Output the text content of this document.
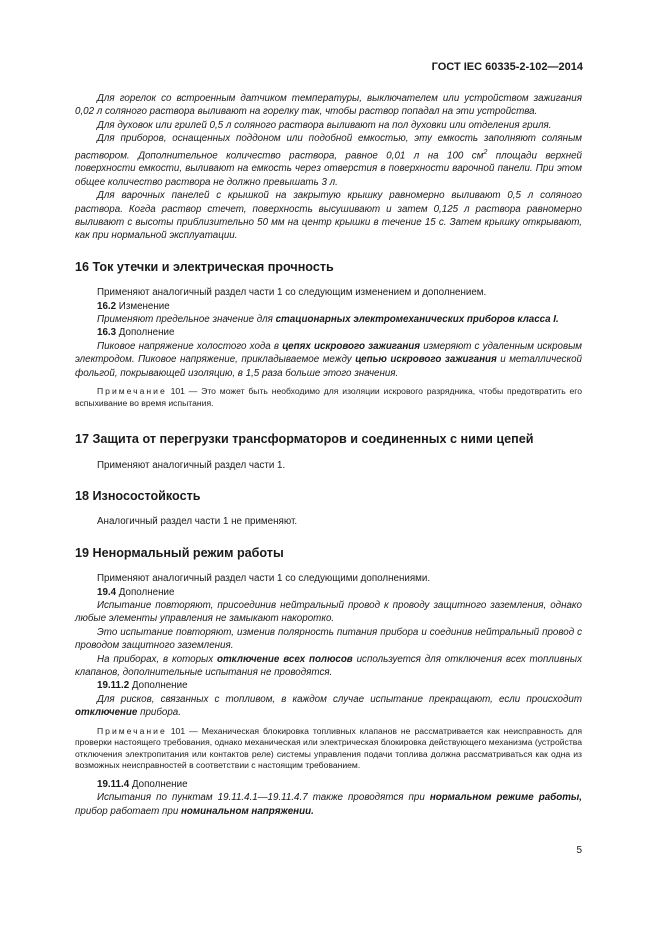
ГОСТ IEC 60335-2-102—2014

Для горелок со встроенным датчиком температуры, выключателем или устройством зажигания 0,02 л соляного раствора выливают на горелку так, чтобы раствор попадал на эти устройства.

Для духовок или грилей 0,5 л соляного раствора выливают на пол духовки или отделения гриля.

Для приборов, оснащенных поддоном или подобной емкостью, эту емкость заполняют соляным раствором. Дополнительное количество раствора, равное 0,01 л на 100 $см^2$ площади верхней поверхности емкости, выливают на емкость через отверстия в поверхности варочной панели. При этом общее количество раствора не должно превышать 3 л.

Для варочных панелей с крышкой на закрытую крышку равномерно выливают 0,5 л соляного раствора. Когда раствор стечет, поверхность высушивают и затем 0,125 л раствора равномерно выливают с высоты приблизительно 50 мм на центр крышки в течение 15 с. Затем крышку открывают, как при нормальной эксплуатации.

16 Ток утечки и электрическая прочность

Применяют аналогичный раздел части 1 со следующим изменением и дополнением.

16.2 Изменение

Применяют предельное значение для стационарных электромеханических приборов класса I.

16.3 Дополнение

Пиковое напряжение холостого хода в цепях искрового зажигания измеряют с удаленным искровым электродом. Пиковое напряжение, прикладываемое между цепью искрового зажигания и металлической фольгой, покрывающей изоляцию, в 1,5 раза больше этого значения.

Примечание 101 — Это может быть необходимо для изоляции искрового разрядника, чтобы предотвратить его вспыхивание во время испытания.

17 Защита от перегрузки трансформаторов и соединенных с ними цепей

Применяют аналогичный раздел части 1.

18 Износостойкость

Аналогичный раздел части 1 не применяют.

19 Ненормальный режим работы

Применяют аналогичный раздел части 1 со следующими дополнениями.

19.4 Дополнение

Испытание повторяют, присоединив нейтральный провод к проводу защитного заземления, однако любые элементы управления не замыкают накоротко.

Это испытание повторяют, изменив полярность питания прибора и соединив нейтральный провод с проводом защитного заземления.

На приборах, в которых отключение всех полюсов используется для отключения всех топливных клапанов, дополнительные испытания не проводятся.

19.11.2 Дополнение

Для рисков, связанных с топливом, в каждом случае испытание прекращают, если происходит отключение прибора.

Примечание 101 — Механическая блокировка топливных клапанов не рассматривается как неисправность для проверки настоящего требования, однако механическая или электрическая блокировка действующего механизма (устройства отключения электропитания или контактов реле) системы управления подачи топлива должна рассматриваться как одна из возможных неисправностей в соответствии с настоящим требованием.

19.11.4 Дополнение

Испытания по пунктам 19.11.4.1—19.11.4.7 также проводятся при нормальном режиме работы, прибор работает при номинальном напряжении.

5
